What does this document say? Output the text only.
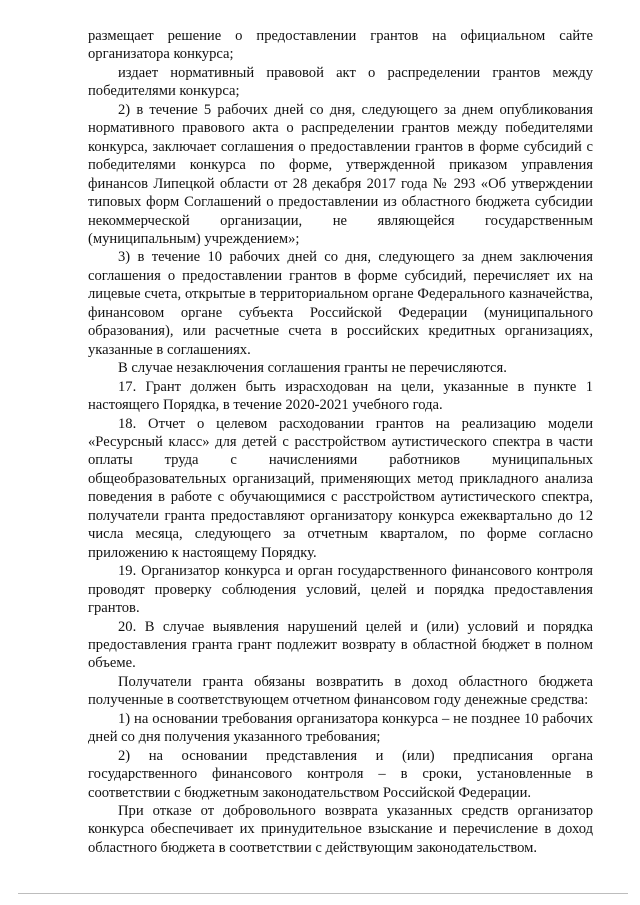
размещает решение о предоставлении грантов на официальном сайте организатора конкурса;

издает нормативный правовой акт о распределении грантов между победителями конкурса;

2) в течение 5 рабочих дней со дня, следующего за днем опубликования нормативного правового акта о распределении грантов между победителями конкурса, заключает соглашения о предоставлении грантов в форме субсидий с победителями конкурса по форме, утвержденной приказом управления финансов Липецкой области от 28 декабря 2017 года № 293 «Об утверждении типовых форм Соглашений о предоставлении из областного бюджета субсидии некоммерческой организации, не являющейся государственным (муниципальным) учреждением»;

3) в течение 10 рабочих дней со дня, следующего за днем заключения соглашения о предоставлении грантов в форме субсидий, перечисляет их на лицевые счета, открытые в территориальном органе Федерального казначейства, финансовом органе субъекта Российской Федерации (муниципального образования), или расчетные счета в российских кредитных организациях, указанные в соглашениях.

В случае незаключения соглашения гранты не перечисляются.

17. Грант должен быть израсходован на цели, указанные в пункте 1 настоящего Порядка, в течение 2020-2021 учебного года.

18. Отчет о целевом расходовании грантов на реализацию модели «Ресурсный класс» для детей с расстройством аутистического спектра в части оплаты труда с начислениями работников муниципальных общеобразовательных организаций, применяющих метод прикладного анализа поведения в работе с обучающимися с расстройством аутистического спектра, получатели гранта предоставляют организатору конкурса ежеквартально до 12 числа месяца, следующего за отчетным кварталом, по форме согласно приложению к настоящему Порядку.

19. Организатор конкурса и орган государственного финансового контроля проводят проверку соблюдения условий, целей и порядка предоставления грантов.

20. В случае выявления нарушений целей и (или) условий и порядка предоставления гранта грант подлежит возврату в областной бюджет в полном объеме.

Получатели гранта обязаны возвратить в доход областного бюджета полученные в соответствующем отчетном финансовом году денежные средства:

1) на основании требования организатора конкурса – не позднее 10 рабочих дней со дня получения указанного требования;

2) на основании представления и (или) предписания органа государственного финансового контроля – в сроки, установленные в соответствии с бюджетным законодательством Российской Федерации.

При отказе от добровольного возврата указанных средств организатор конкурса обеспечивает их принудительное взыскание и перечисление в доход областного бюджета в соответствии с действующим законодательством.
